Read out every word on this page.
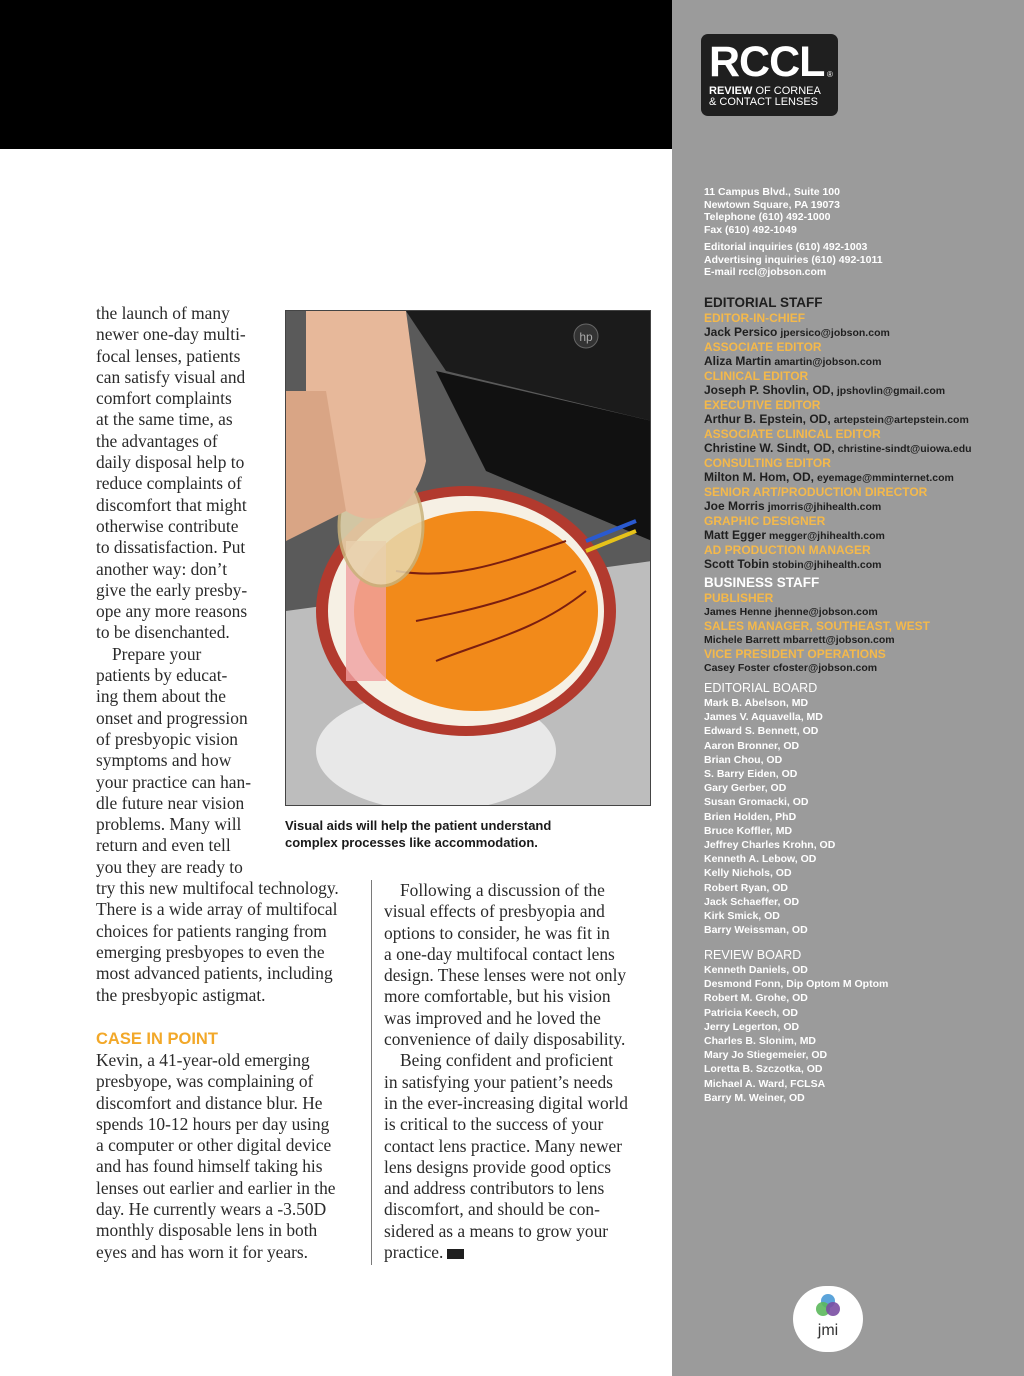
RCCL ®
REVIEW OF CORNEA
& CONTACT LENSES
11 Campus Blvd., Suite 100
Newtown Square, PA 19073
Telephone (610) 492-1000
Fax (610) 492-1049
Editorial inquiries (610) 492-1003
Advertising inquiries (610) 492-1011
E-mail rccl@jobson.com
EDITORIAL STAFF
EDITOR-IN-CHIEF
Jack Persico jpersico@jobson.com
ASSOCIATE EDITOR
Aliza Martin amartin@jobson.com
CLINICAL EDITOR
Joseph P. Shovlin, OD, jpshovlin@gmail.com
EXECUTIVE EDITOR
Arthur B. Epstein, OD, artepstein@artepstein.com
ASSOCIATE CLINICAL EDITOR
Christine W. Sindt, OD, christine-sindt@uiowa.edu
CONSULTING EDITOR
Milton M. Hom, OD, eyemage@mminternet.com
SENIOR ART/PRODUCTION DIRECTOR
Joe Morris jmorris@jhihealth.com
GRAPHIC DESIGNER
Matt Egger megger@jhihealth.com
AD PRODUCTION MANAGER
Scott Tobin stobin@jhihealth.com
BUSINESS STAFF
PUBLISHER
James Henne jhenne@jobson.com
SALES MANAGER, SOUTHEAST, WEST
Michele Barrett mbarrett@jobson.com
VICE PRESIDENT OPERATIONS
Casey Foster cfoster@jobson.com
EDITORIAL BOARD
Mark B. Abelson, MD
James V. Aquavella, MD
Edward S. Bennett, OD
Aaron Bronner, OD
Brian Chou, OD
S. Barry Eiden, OD
Gary Gerber, OD
Susan Gromacki, OD
Brien Holden, PhD
Bruce Koffler, MD
Jeffrey Charles Krohn, OD
Kenneth A. Lebow, OD
Kelly Nichols, OD
Robert Ryan, OD
Jack Schaeffer, OD
Kirk Smick, OD
Barry Weissman, OD
REVIEW BOARD
Kenneth Daniels, OD
Desmond Fonn, Dip Optom M Optom
Robert M. Grohe, OD
Patricia Keech, OD
Jerry Legerton, OD
Charles B. Slonim, MD
Mary Jo Stiegemeier, OD
Loretta B. Szczotka, OD
Michael A. Ward, FCLSA
Barry M. Weiner, OD
jmi
the launch of many
newer one-day multi-
focal lenses, patients
can satisfy visual and
comfort complaints
at the same time, as
the advantages of
daily disposal help to
reduce complaints of
discomfort that might
otherwise contribute
to dissatisfaction. Put
another way: don’t
give the early presby-
ope any more reasons
to be disenchanted.
Prepare your
patients by educat-
ing them about the
onset and progression
of presbyopic vision
symptoms and how
your practice can han-
dle future near vision
problems. Many will
return and even tell
you they are ready to
try this new multifocal technology.
There is a wide array of multifocal
choices for patients ranging from
emerging presbyopes to even the
most advanced patients, including
the presbyopic astigmat.
CASE IN POINT
Kevin, a 41-year-old emerging
presbyope, was complaining of
discomfort and distance blur. He
spends 10-12 hours per day using
a computer or other digital device
and has found himself taking his
lenses out earlier and earlier in the
day. He currently wears a -3.50D
monthly disposable lens in both
eyes and has worn it for years.
Following a discussion of the
visual effects of presbyopia and
options to consider, he was fit in
a one-day multifocal contact lens
design. These lenses were not only
more comfortable, but his vision
was improved and he loved the
convenience of daily disposability.
Being confident and proficient
in satisfying your patient’s needs
in the ever-increasing digital world
is critical to the success of your
contact lens practice. Many newer
lens designs provide good optics
and address contributors to lens
discomfort, and should be con-
sidered as a means to grow your
practice.
hp
Visual aids will help the patient understand
complex processes like accommodation.
